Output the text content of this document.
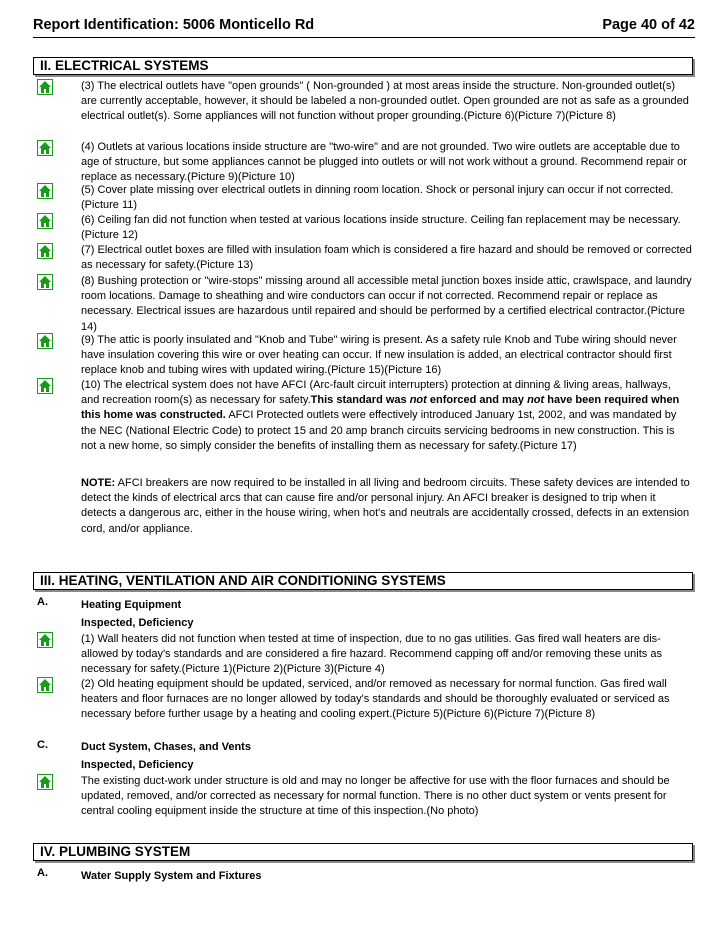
Report Identification: 5006 Monticello Rd	Page 40 of 42
II. ELECTRICAL SYSTEMS
(3) The electrical outlets have "open grounds" ( Non-grounded ) at most areas inside the structure. Non-grounded outlet(s) are currently acceptable, however, it should be labeled a non-grounded outlet. Open grounded are not as safe as a grounded electrical outlet(s). Some appliances will not function without proper grounding.(Picture 6)(Picture 7)(Picture 8)
(4) Outlets at various locations inside structure are "two-wire" and are not grounded. Two wire outlets are acceptable due to age of structure, but some appliances cannot be plugged into outlets or will not work without a ground. Recommend repair or replace as necessary.(Picture 9)(Picture 10)
(5) Cover plate missing over electrical outlets in dinning room location. Shock or personal injury can occur if not corrected.(Picture 11)
(6) Ceiling fan did not function when tested at various locations inside structure. Ceiling fan replacement may be necessary.(Picture 12)
(7) Electrical outlet boxes are filled with insulation foam which is considered a fire hazard and should be removed or corrected as necessary for safety.(Picture 13)
(8) Bushing protection or "wire-stops" missing around all accessible metal junction boxes inside attic, crawlspace, and laundry room locations. Damage to sheathing and wire conductors can occur if not corrected. Recommend repair or replace as necessary. Electrical issues are hazardous until repaired and should be performed by a certified electrical contractor.(Picture 14)
(9) The attic is poorly insulated and "Knob and Tube" wiring is present. As a safety rule Knob and Tube wiring should never have insulation covering this wire or over heating can occur. If new insulation is added, an electrical contractor should first replace knob and tubing wires with updated wiring.(Picture 15)(Picture 16)
(10) The electrical system does not have AFCI (Arc-fault circuit interrupters) protection at dinning & living areas, hallways, and recreation room(s) as necessary for safety.This standard was not enforced and may not have been required when this home was constructed. AFCI Protected outlets were effectively introduced January 1st, 2002, and was mandated by the NEC (National Electric Code) to protect 15 and 20 amp branch circuits servicing bedrooms in new construction. This is not a new home, so simply consider the benefits of installing them as necessary for safety.(Picture 17)
NOTE: AFCI breakers are now required to be installed in all living and bedroom circuits. These safety devices are intended to detect the kinds of electrical arcs that can cause fire and/or personal injury. An AFCI breaker is designed to trip when it detects a dangerous arc, either in the house wiring, when hot's and neutrals are accidentally crossed, defects in an extension cord, and/or appliance.
III. HEATING, VENTILATION AND AIR CONDITIONING SYSTEMS
A.	Heating Equipment
Inspected, Deficiency
(1) Wall heaters did not function when tested at time of inspection, due to no gas utilities. Gas fired wall heaters are dis-allowed by today's standards and are considered a fire hazard. Recommend capping off and/or removing these units as necessary for safety.(Picture 1)(Picture 2)(Picture 3)(Picture 4)
(2) Old heating equipment should be updated, serviced, and/or removed as necessary for normal function. Gas fired wall heaters and floor furnaces are no longer allowed by today's standards and should be thoroughly evaluated or serviced as necessary before further usage by a heating and cooling expert.(Picture 5)(Picture 6)(Picture 7)(Picture 8)
C.	Duct System, Chases, and Vents
Inspected, Deficiency
The existing duct-work under structure is old and may no longer be affective for use with the floor furnaces and should be updated, removed, and/or corrected as necessary for normal function. There is no other duct system or vents present for central cooling equipment inside the structure at time of this inspection.(No photo)
IV. PLUMBING SYSTEM
A.	Water Supply System and Fixtures
